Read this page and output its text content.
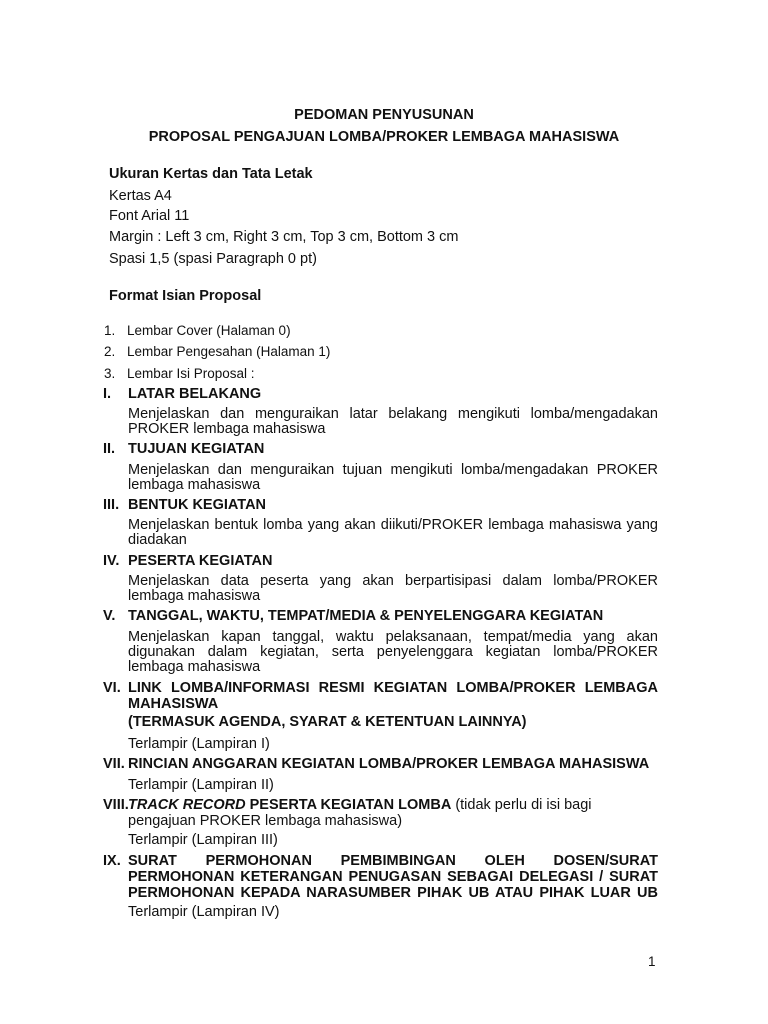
PEDOMAN PENYUSUNAN
PROPOSAL PENGAJUAN LOMBA/PROKER LEMBAGA MAHASISWA
Ukuran Kertas dan Tata Letak
Kertas A4
Font Arial 11
Margin : Left 3 cm, Right 3 cm, Top 3 cm, Bottom 3 cm
Spasi 1,5 (spasi Paragraph 0 pt)
Format Isian Proposal
1. Lembar Cover (Halaman 0)
2. Lembar Pengesahan (Halaman 1)
3. Lembar Isi Proposal :
I. LATAR BELAKANG
Menjelaskan dan menguraikan latar belakang mengikuti lomba/mengadakan PROKER lembaga mahasiswa
II. TUJUAN KEGIATAN
Menjelaskan dan menguraikan tujuan mengikuti lomba/mengadakan PROKER lembaga mahasiswa
III. BENTUK KEGIATAN
Menjelaskan bentuk lomba yang akan diikuti/PROKER lembaga mahasiswa yang diadakan
IV. PESERTA KEGIATAN
Menjelaskan data peserta yang akan berpartisipasi dalam lomba/PROKER lembaga mahasiswa
V. TANGGAL, WAKTU, TEMPAT/MEDIA & PENYELENGGARA KEGIATAN
Menjelaskan kapan tanggal, waktu pelaksanaan, tempat/media yang akan digunakan dalam kegiatan, serta penyelenggara kegiatan lomba/PROKER lembaga mahasiswa
VI. LINK LOMBA/INFORMASI RESMI KEGIATAN LOMBA/PROKER LEMBAGA MAHASISWA
(TERMASUK AGENDA, SYARAT & KETENTUAN LAINNYA)
Terlampir (Lampiran I)
VII. RINCIAN ANGGARAN KEGIATAN LOMBA/PROKER LEMBAGA MAHASISWA
Terlampir (Lampiran II)
VIII. TRACK RECORD PESERTA KEGIATAN LOMBA (tidak perlu di isi bagi pengajuan PROKER lembaga mahasiswa)
Terlampir (Lampiran III)
IX. SURAT PERMOHONAN PEMBIMBINGAN OLEH DOSEN/SURAT PERMOHONAN KETERANGAN PENUGASAN SEBAGAI DELEGASI / SURAT PERMOHONAN KEPADA NARASUMBER PIHAK UB ATAU PIHAK LUAR UB
Terlampir (Lampiran IV)
1
